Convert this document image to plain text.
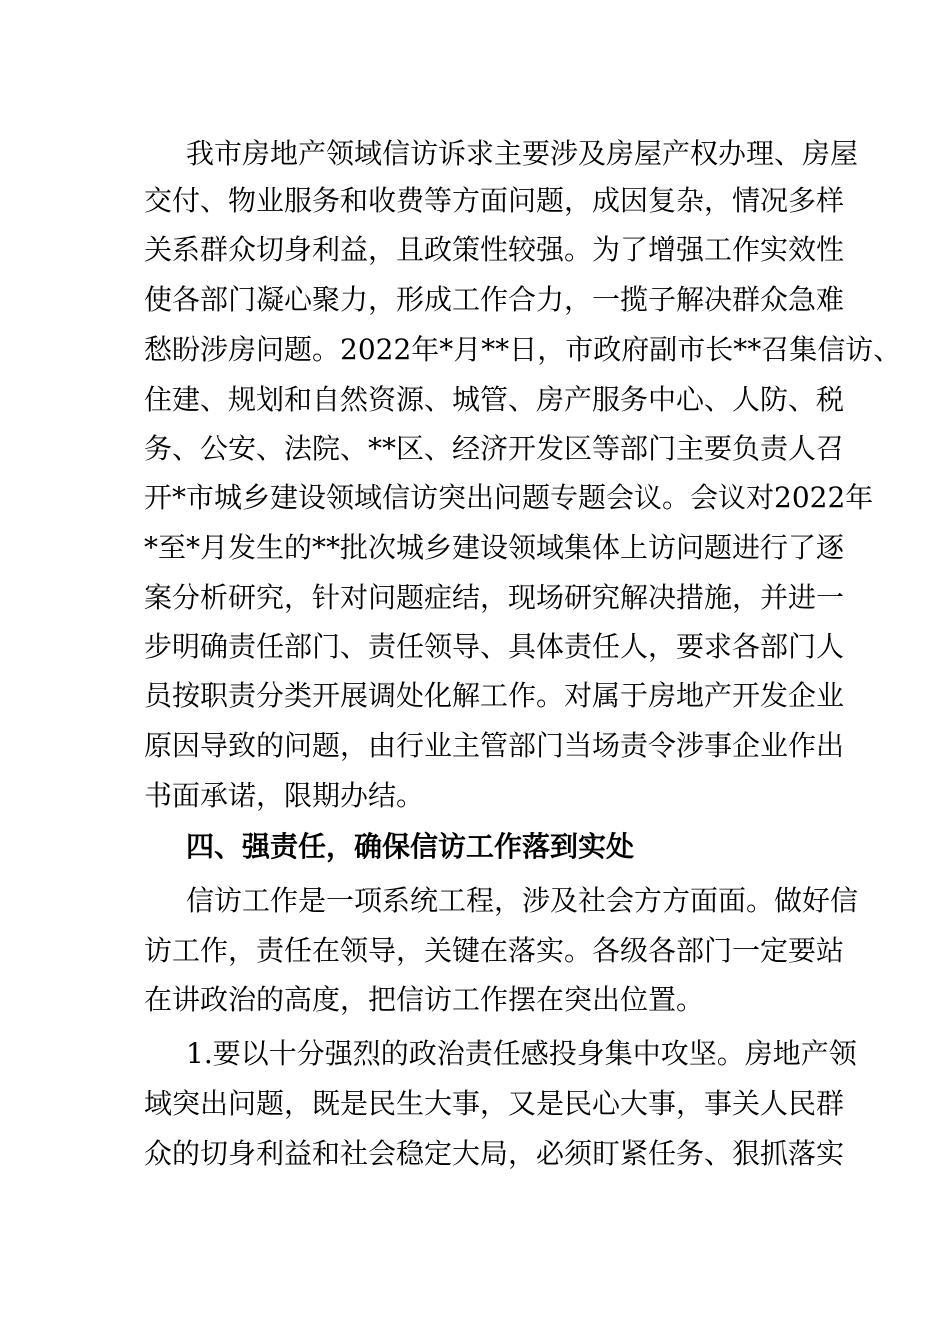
我市房地产领域信访诉求主要涉及房屋产权办理、房屋

交付、物业服务和收费等方面问题，成因复杂，情况多样

关系群众切身利益，且政策性较强。为了增强工作实效性

使各部门凝心聚力，形成工作合力，一揽子解决群众急难

愁盼涉房问题。2022年*月**日，市政府副市长**召集信访、

住建、规划和自然资源、城管、房产服务中心、人防、税

务、公安、法院、**区、经济开发区等部门主要负责人召

开*市城乡建设领域信访突出问题专题会议。会议对2022年

*至*月发生的**批次城乡建设领域集体上访问题进行了逐

案分析研究，针对问题症结，现场研究解决措施，并进一

步明确责任部门、责任领导、具体责任人，要求各部门人

员按职责分类开展调处化解工作。对属于房地产开发企业

原因导致的问题，由行业主管部门当场责令涉事企业作出

书面承诺，限期办结。

四、强责任，确保信访工作落到实处

信访工作是一项系统工程，涉及社会方方面面。做好信

访工作，责任在领导，关键在落实。各级各部门一定要站

在讲政治的高度，把信访工作摆在突出位置。

1.要以十分强烈的政治责任感投身集中攻坚。房地产领

域突出问题，既是民生大事，又是民心大事，事关人民群

众的切身利益和社会稳定大局，必须盯紧任务、狠抓落实
